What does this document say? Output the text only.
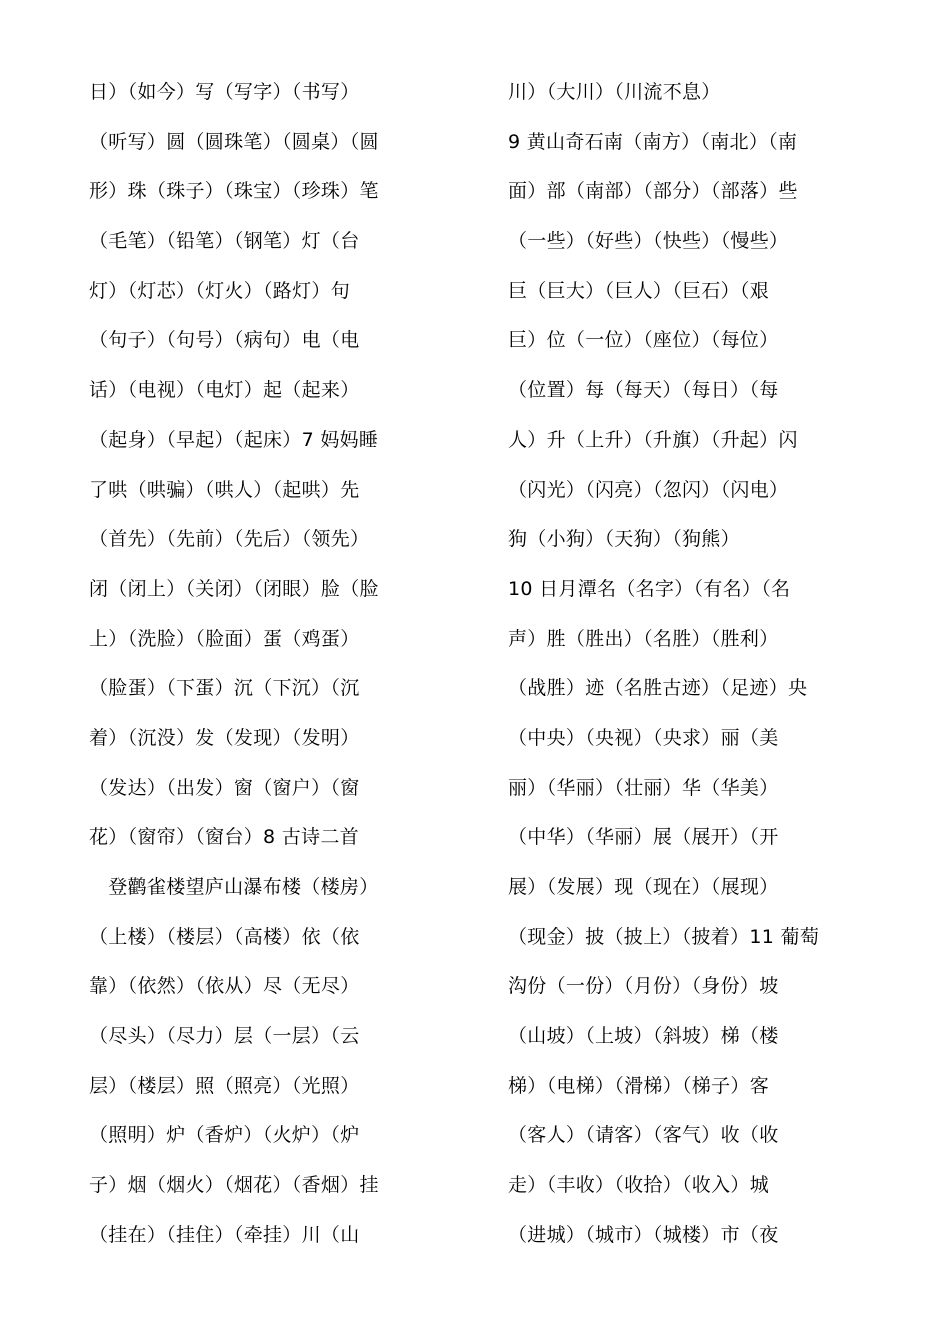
日）（如今）写（写字）（书写）
（听写）圆（圆珠笔）（圆桌）（圆
形）珠（珠子）（珠宝）（珍珠）笔
（毛笔）（铅笔）（钢笔）灯（台
灯）（灯芯）（灯火）（路灯）句
（句子）（句号）（病句）电（电
话）（电视）（电灯）起（起来）
（起身）（早起）（起床）7 妈妈睡
了哄（哄骗）（哄人）（起哄）先
（首先）（先前）（先后）（领先）
闭（闭上）（关闭）（闭眼）脸（脸
上）（洗脸）（脸面）蛋（鸡蛋）
（脸蛋）（下蛋）沉（下沉）（沉
着）（沉没）发（发现）（发明）
（发达）（出发）窗（窗户）（窗
花）（窗帘）（窗台）8 古诗二首
　登鹳雀楼望庐山瀑布楼（楼房）
（上楼）（楼层）（高楼）依（依
靠）（依然）（依从）尽（无尽）
（尽头）（尽力）层（一层）（云
层）（楼层）照（照亮）（光照）
（照明）炉（香炉）（火炉）（炉
子）烟（烟火）（烟花）（香烟）挂
（挂在）（挂住）（牵挂）川（山
川）（大川）（川流不息）
9 黄山奇石南（南方）（南北）（南
面）部（南部）（部分）（部落）些
（一些）（好些）（快些）（慢些）
巨（巨大）（巨人）（巨石）（艰
巨）位（一位）（座位）（每位）
（位置）每（每天）（每日）（每
人）升（上升）（升旗）（升起）闪
（闪光）（闪亮）（忽闪）（闪电）
狗（小狗）（天狗）（狗熊）
10 日月潭名（名字）（有名）（名
声）胜（胜出）（名胜）（胜利）
（战胜）迹（名胜古迹）（足迹）央
（中央）（央视）（央求）丽（美
丽）（华丽）（壮丽）华（华美）
（中华）（华丽）展（展开）（开
展）（发展）现（现在）（展现）
（现金）披（披上）（披着）11 葡萄
沟份（一份）（月份）（身份）坡
（山坡）（上坡）（斜坡）梯（楼
梯）（电梯）（滑梯）（梯子）客
（客人）（请客）（客气）收（收
走）（丰收）（收拾）（收入）城
（进城）（城市）（城楼）市（夜
